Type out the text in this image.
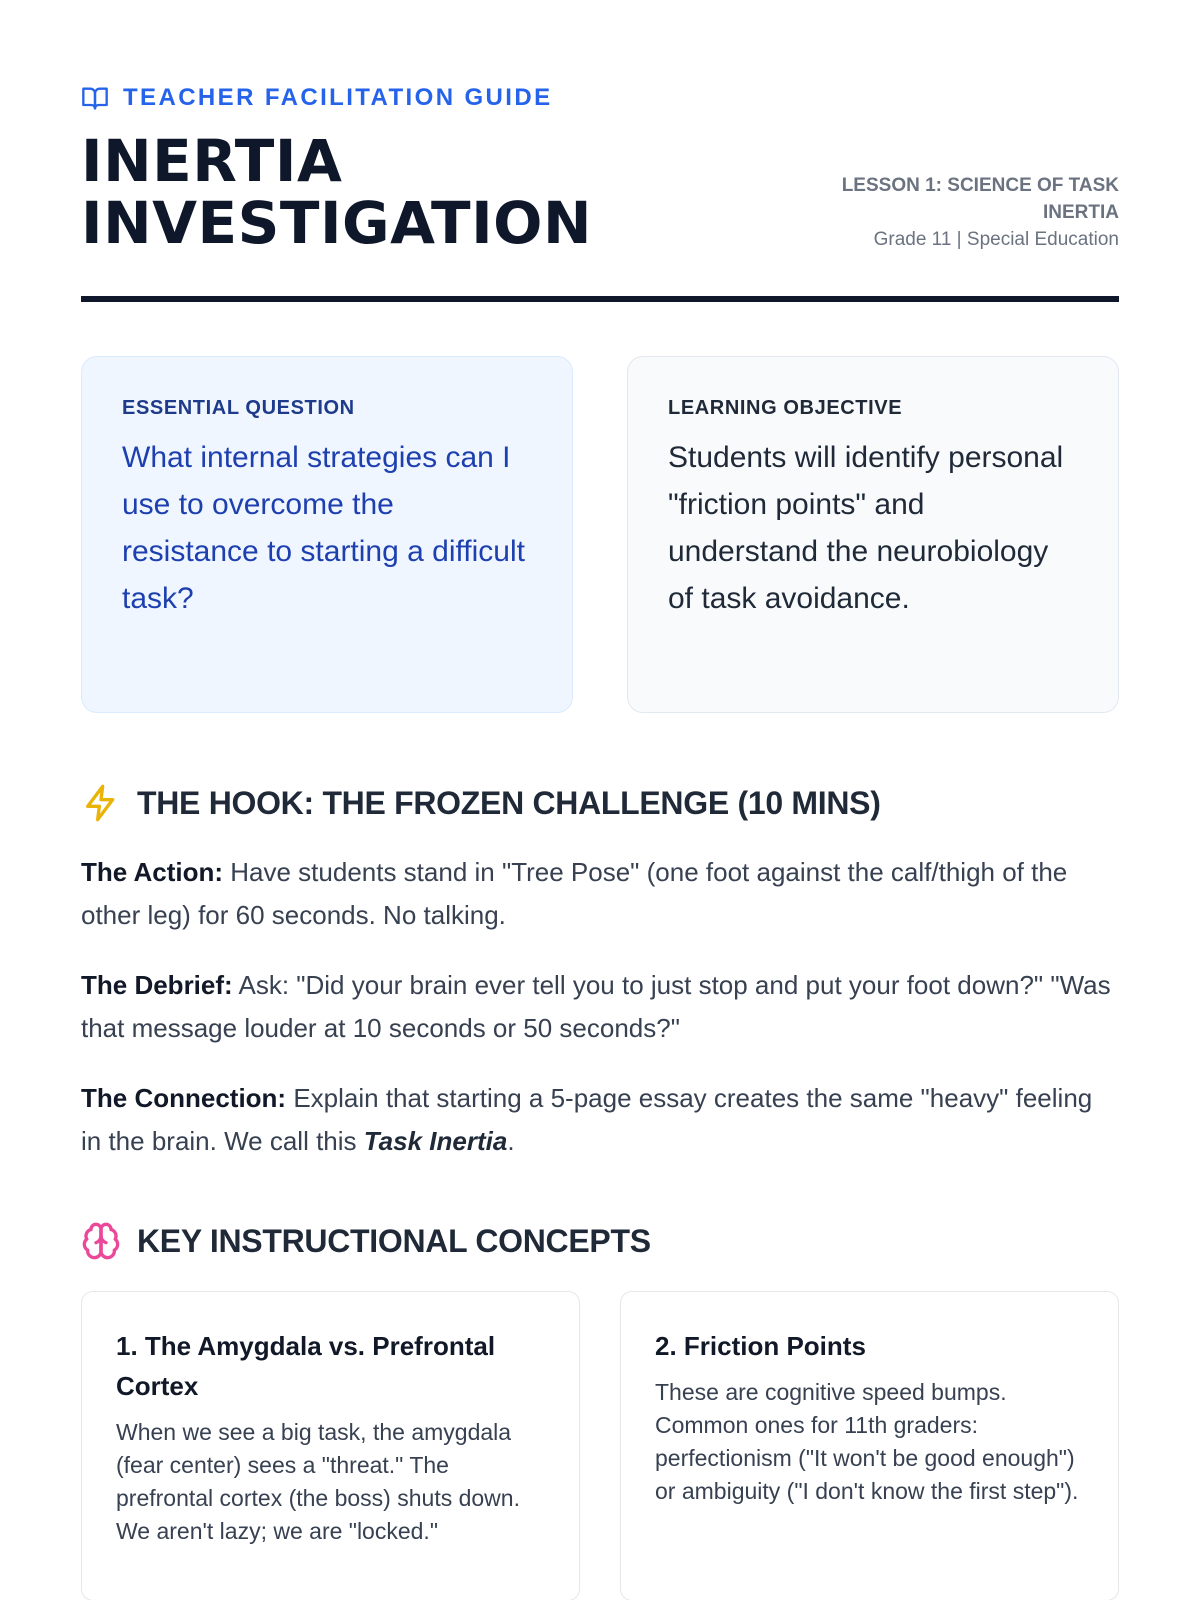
TEACHER FACILITATION GUIDE
INERTIA
INVESTIGATION
LESSON 1: SCIENCE OF TASK INERTIA
Grade 11 | Special Education
ESSENTIAL QUESTION
What internal strategies can I use to overcome the resistance to starting a difficult task?
LEARNING OBJECTIVE
Students will identify personal "friction points" and understand the neurobiology of task avoidance.
THE HOOK: THE FROZEN CHALLENGE (10 MINS)

The Action: Have students stand in "Tree Pose" (one foot against the calf/thigh of the other leg) for 60 seconds. No talking.

The Debrief: Ask: "Did your brain ever tell you to just stop and put your foot down?" "Was that message louder at 10 seconds or 50 seconds?"

The Connection: Explain that starting a 5-page essay creates the same "heavy" feeling in the brain. We call this Task Inertia.

KEY INSTRUCTIONAL CONCEPTS
1. The Amygdala vs. Prefrontal Cortex

When we see a big task, the amygdala (fear center) sees a "threat." The prefrontal cortex (the boss) shuts down. We aren't lazy; we are "locked."

2. Friction Points

These are cognitive speed bumps. Common ones for 11th graders: perfectionism ("It won't be good enough") or ambiguity ("I don't know the first step").
